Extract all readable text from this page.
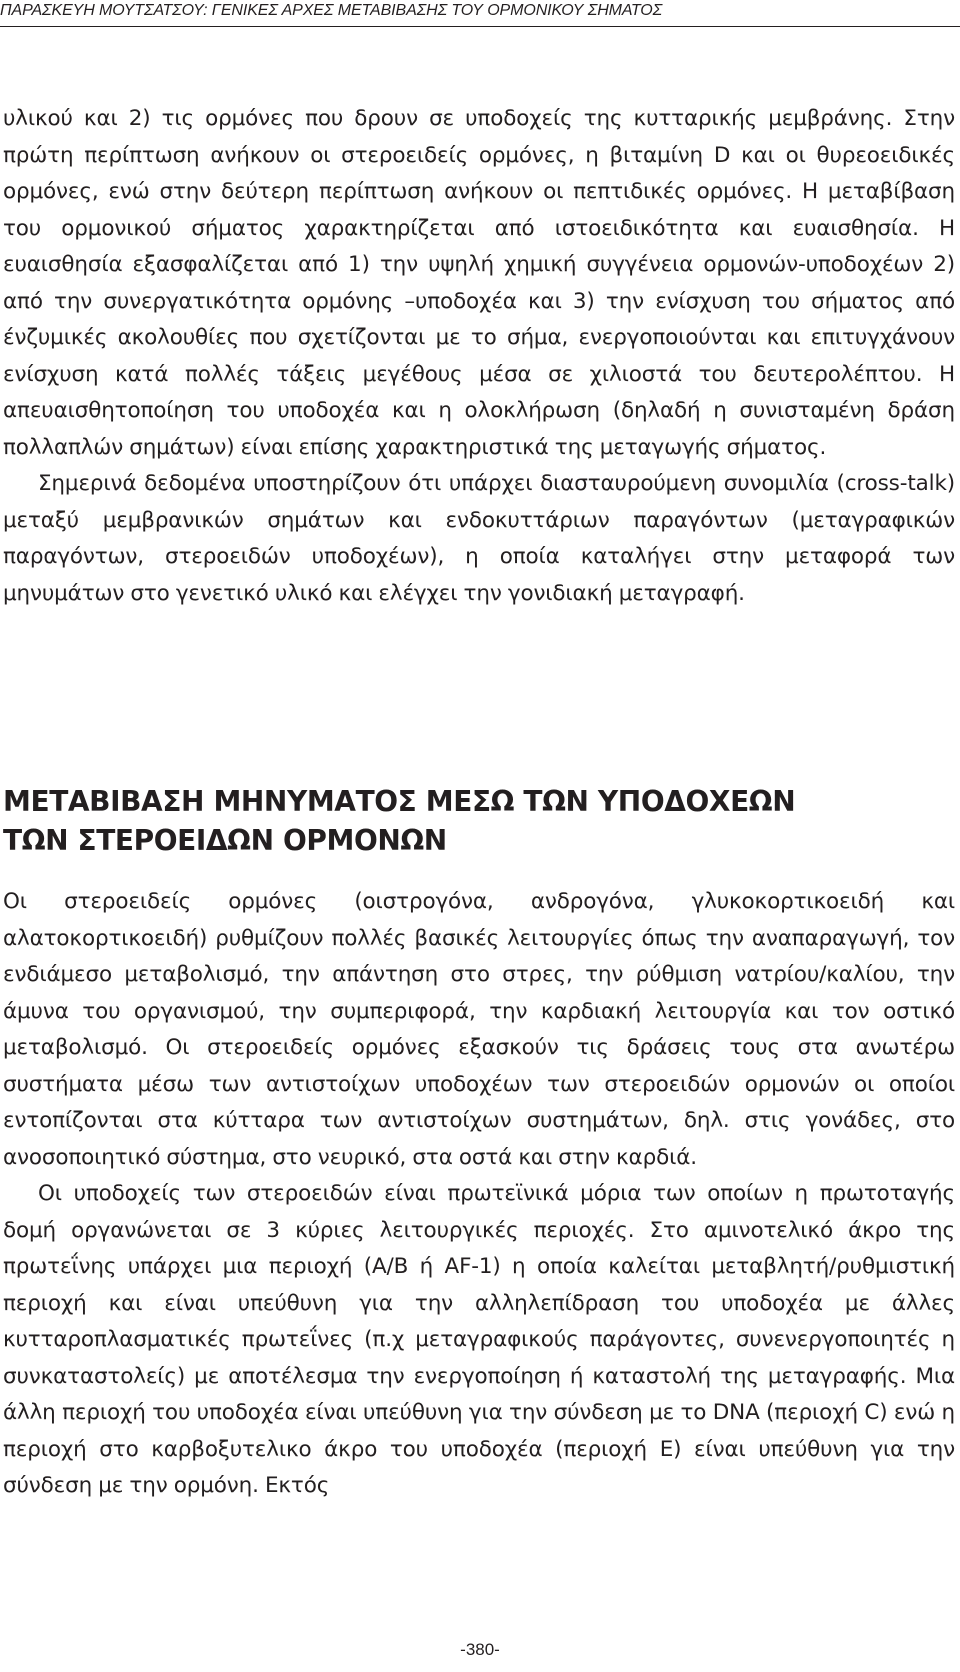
ΠΑΡΑΣΚΕΥΗ ΜΟΥΤΣΑΤΣΟΥ: ΓΕΝΙΚΕΣ ΑΡΧΕΣ ΜΕΤΑΒΙΒΑΣΗΣ ΤΟΥ ΟΡΜΟΝΙΚΟΥ ΣΗΜΑΤΟΣ

υλικού και 2) τις ορμόνες που δρουν σε υποδοχείς της κυτταρικής μεμβράνης. Στην πρώτη περίπτωση ανήκουν οι στεροειδείς ορμόνες, η βιταμίνη D και οι θυρεοειδικές ορμόνες, ενώ στην δεύτερη περίπτωση ανήκουν οι πεπτιδικές ορμόνες. Η μεταβίβαση του ορμονικού σήματος χαρακτηρίζεται από ιστοειδικότητα και ευαισθησία. Η ευαισθησία εξασφαλίζεται από 1) την υψηλή χημική συγγένεια ορμονών-υποδοχέων 2) από την συνεργατικότητα ορμόνης –υποδοχέα και 3) την ενίσχυση του σήματος από ένζυμικές ακολουθίες που σχετίζονται με το σήμα, ενεργοποιούνται και επιτυγχάνουν ενίσχυση κατά πολλές τάξεις μεγέθους μέσα σε χιλιοστά του δευτερολέπτου. Η απευαισθητοποίηση του υποδοχέα και η ολοκλήρωση (δηλαδή η συνισταμένη δράση πολλαπλών σημάτων) είναι επίσης χαρακτηριστικά της μεταγωγής σήματος.

Σημερινά δεδομένα υποστηρίζουν ότι υπάρχει διασταυρούμενη συνομιλία (cross-talk) μεταξύ μεμβρανικών σημάτων και ενδοκυττάριων παραγόντων (μεταγραφικών παραγόντων, στεροειδών υποδοχέων), η οποία καταλήγει στην μεταφορά των μηνυμάτων στο γενετικό υλικό και ελέγχει την γονιδιακή μεταγραφή.

ΜΕΤΑΒΙΒΑΣΗ ΜΗΝΥΜΑΤΟΣ ΜΕΣΩ ΤΩΝ ΥΠΟΔΟΧΕΩΝ
ΤΩΝ ΣΤΕΡΟΕΙΔΩΝ ΟΡΜΟΝΩΝ

Οι στεροειδείς ορμόνες (οιστρογόνα, ανδρογόνα, γλυκοκορτικοειδή και αλατοκορτικοειδή) ρυθμίζουν πολλές βασικές λειτουργίες όπως την αναπαραγωγή, τον ενδιάμεσο μεταβολισμό, την απάντηση στο στρες, την ρύθμιση νατρίου/καλίου, την άμυνα του οργανισμού, την συμπεριφορά, την καρδιακή λειτουργία και τον οστικό μεταβολισμό. Οι στεροειδείς ορμόνες εξασκούν τις δράσεις τους στα ανωτέρω συστήματα μέσω των αντιστοίχων υποδοχέων των στεροειδών ορμονών οι οποίοι εντοπίζονται στα κύτταρα των αντιστοίχων συστημάτων, δηλ. στις γονάδες, στο ανοσοποιητικό σύστημα, στο νευρικό, στα οστά και στην καρδιά.

Οι υποδοχείς των στεροειδών είναι πρωτεϊνικά μόρια των οποίων η πρωτοταγής δομή οργανώνεται σε 3 κύριες λειτουργικές περιοχές. Στο αμινοτελικό άκρο της πρωτεΐνης υπάρχει μια περιοχή (A/B ή AF-1) η οποία καλείται μεταβλητή/ρυθμιστική περιοχή και είναι υπεύθυνη για την αλληλεπίδραση του υποδοχέα με άλλες κυτταροπλασματικές πρωτεΐνες (π.χ μεταγραφικούς παράγοντες, συνενεργοποιητές η συνκαταστολείς) με αποτέλεσμα την ενεργοποίηση ή καταστολή της μεταγραφής. Μια άλλη περιοχή του υποδοχέα είναι υπεύθυνη για την σύνδεση με το DNA (περιοχή C) ενώ η περιοχή στο καρβοξυτελικο άκρο του υποδοχέα (περιοχή E) είναι υπεύθυνη για την σύνδεση με την ορμόνη. Εκτός

-380-
